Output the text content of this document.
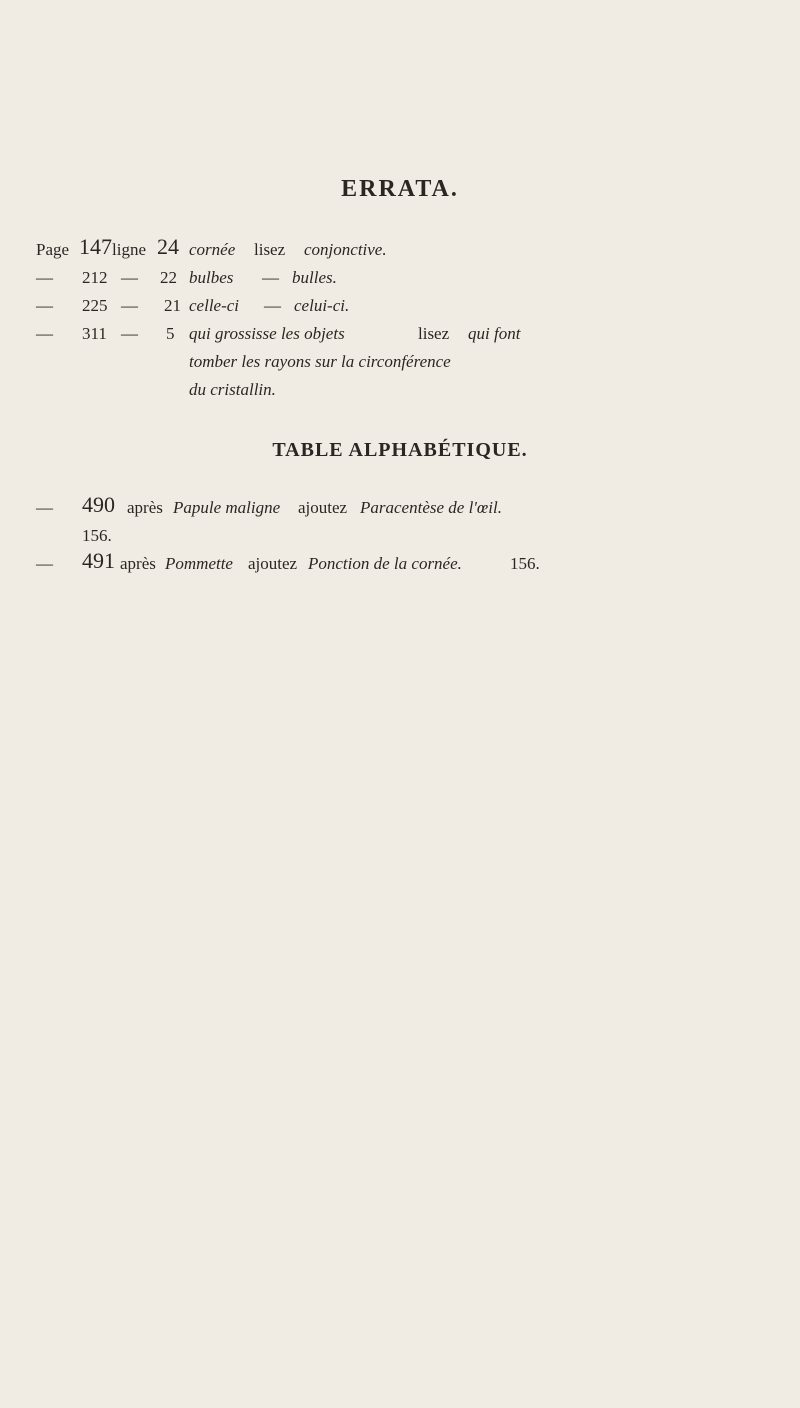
ERRATA.
Page 147 ligne 24 cornée lisez conjonctive.
— 212 — 22 bulbes — bulles.
— 225 — 21 celle-ci — celui-ci.
— 311 — 5 qui grossisse les objets	lisez qui font
tomber les rayons sur la circonférence
du cristallin.
TABLE ALPHABÉTIQUE.
— 490 après Papule maligne ajoutez Paracentèse de l'œil.
156.
— 491 après Pommette ajoutez Ponction de la cornée.	156.
